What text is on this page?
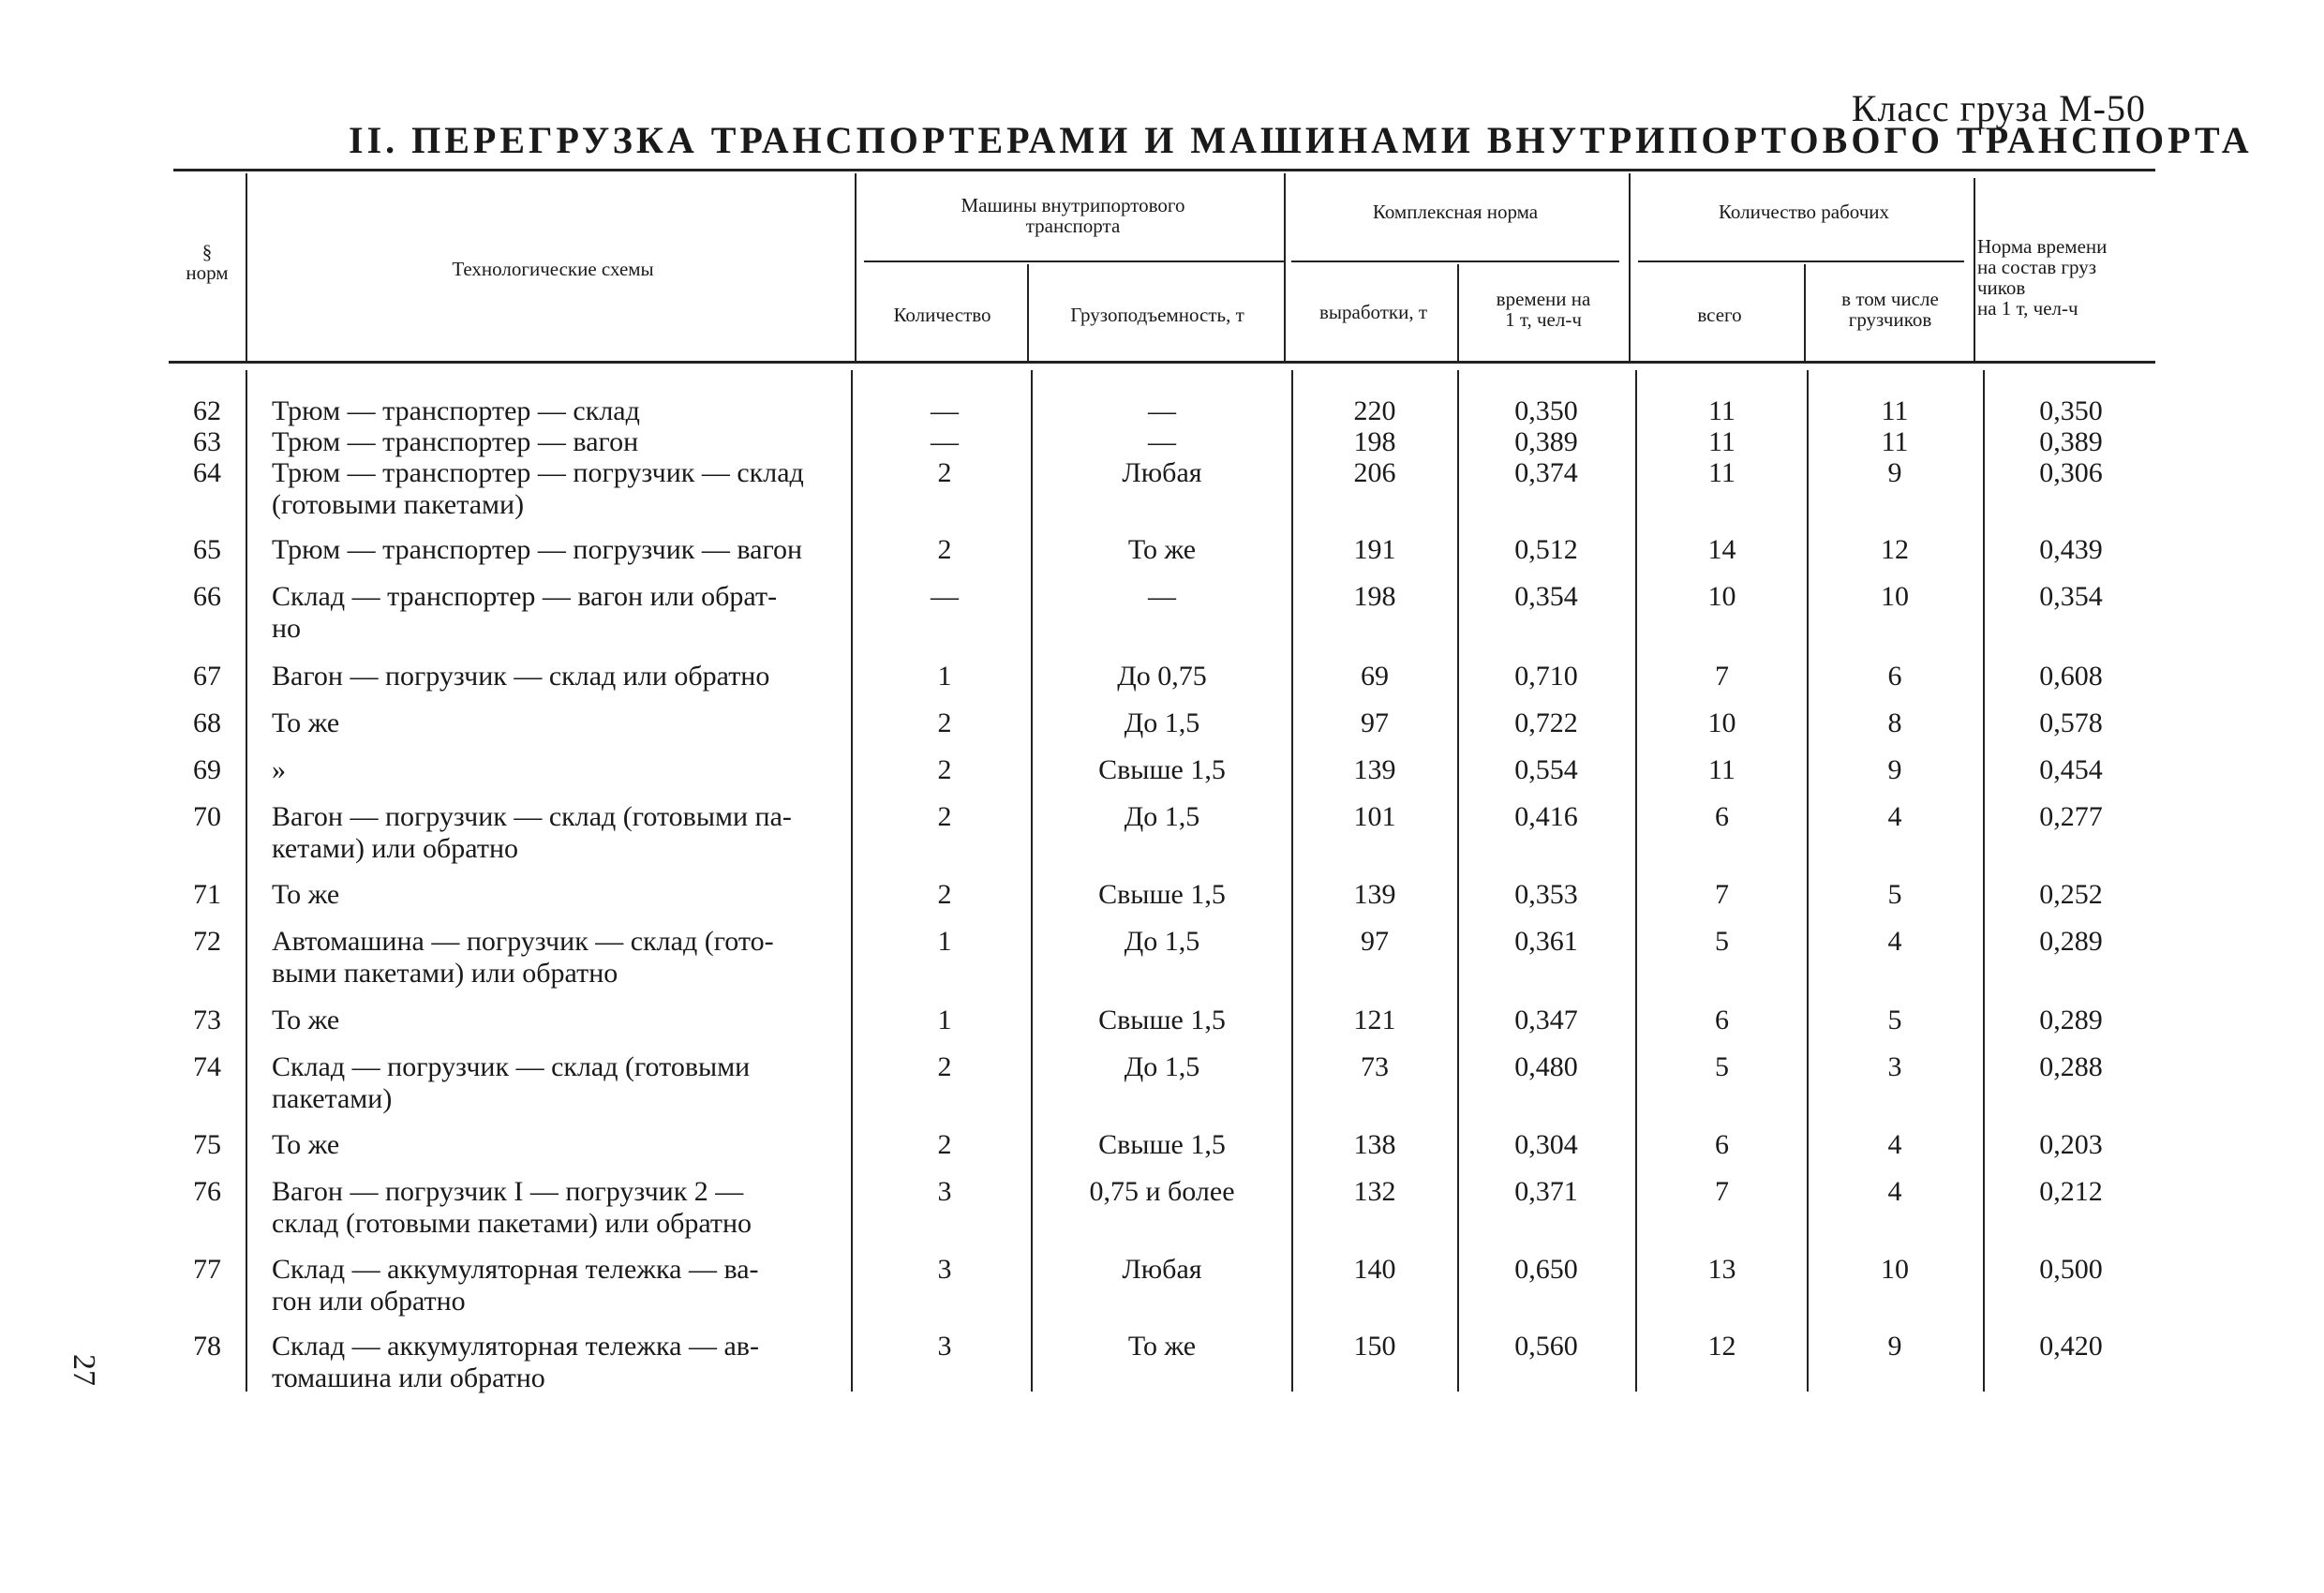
Класс груза М-50
II. ПЕРЕГРУЗКА ТРАНСПОРТЕРАМИ И МАШИНАМИ ВНУТРИПОРТОВОГО ТРАНСПОРТА
§
норм	Технологические схемы
Машины внутрипортового
транспорта
Количество	Грузоподъемность, т
Комплексная норма
выработки, т
времени на
1 т, чел-ч
Количество рабочих
всего
в том числе
грузчиков
Норма времени
на состав груз
чиков
на 1 т, чел-ч
62 Трюм — транспортер — склад	—	—	220	0,350	11	11	0,350
63 Трюм — транспортер — вагон	—	—	198	0,389	11	11	0,389
64 Трюм — транспортер — погрузчик — склад
(готовыми пакетами)
2	Любая	206	0,374	11	9	0,306
65 Трюм — транспортер — погрузчик — вагон	2	То же	191	0,512	14	12	0,439
66 Склад — транспортер — вагон или обрат-
но
—	—	198	0,354	10	10	0,354
67 Вагон — погрузчик — склад или обратно	1	До 0,75	69	0,710	7	6	0,608
68 То же	2	До 1,5	97	0,722	10	8	0,578
69 »	2	Свыше 1,5	139	0,554	11	9	0,454
70 Вагон — погрузчик — склад (готовыми па-
кетами) или обратно
2	До 1,5	101	0,416	6	4	0,277
71 То же	2	Свыше 1,5	139	0,353	7	5	0,252
72 Автомашина — погрузчик — склад (гото-
выми пакетами) или обратно
1	До 1,5	97	0,361	5	4	0,289
73 То же	1	Свыше 1,5	121	0,347	6	5	0,289
74 Склад — погрузчик — склад (готовыми
пакетами)
2	До 1,5	73	0,480	5	3	0,288
75 То же	2	Свыше 1,5	138	0,304	6	4	0,203
76 Вагон — погрузчик I — погрузчик 2 —
склад (готовыми пакетами) или обратно
3	0,75 и более	132	0,371	7	4	0,212
77 Склад — аккумуляторная тележка — ва-
гон или обратно
3	Любая	140	0,650	13	10	0,500
78 Склад — аккумуляторная тележка — ав-
томашина или обратно
3	То же	150	0,560	12	9	0,420
27
